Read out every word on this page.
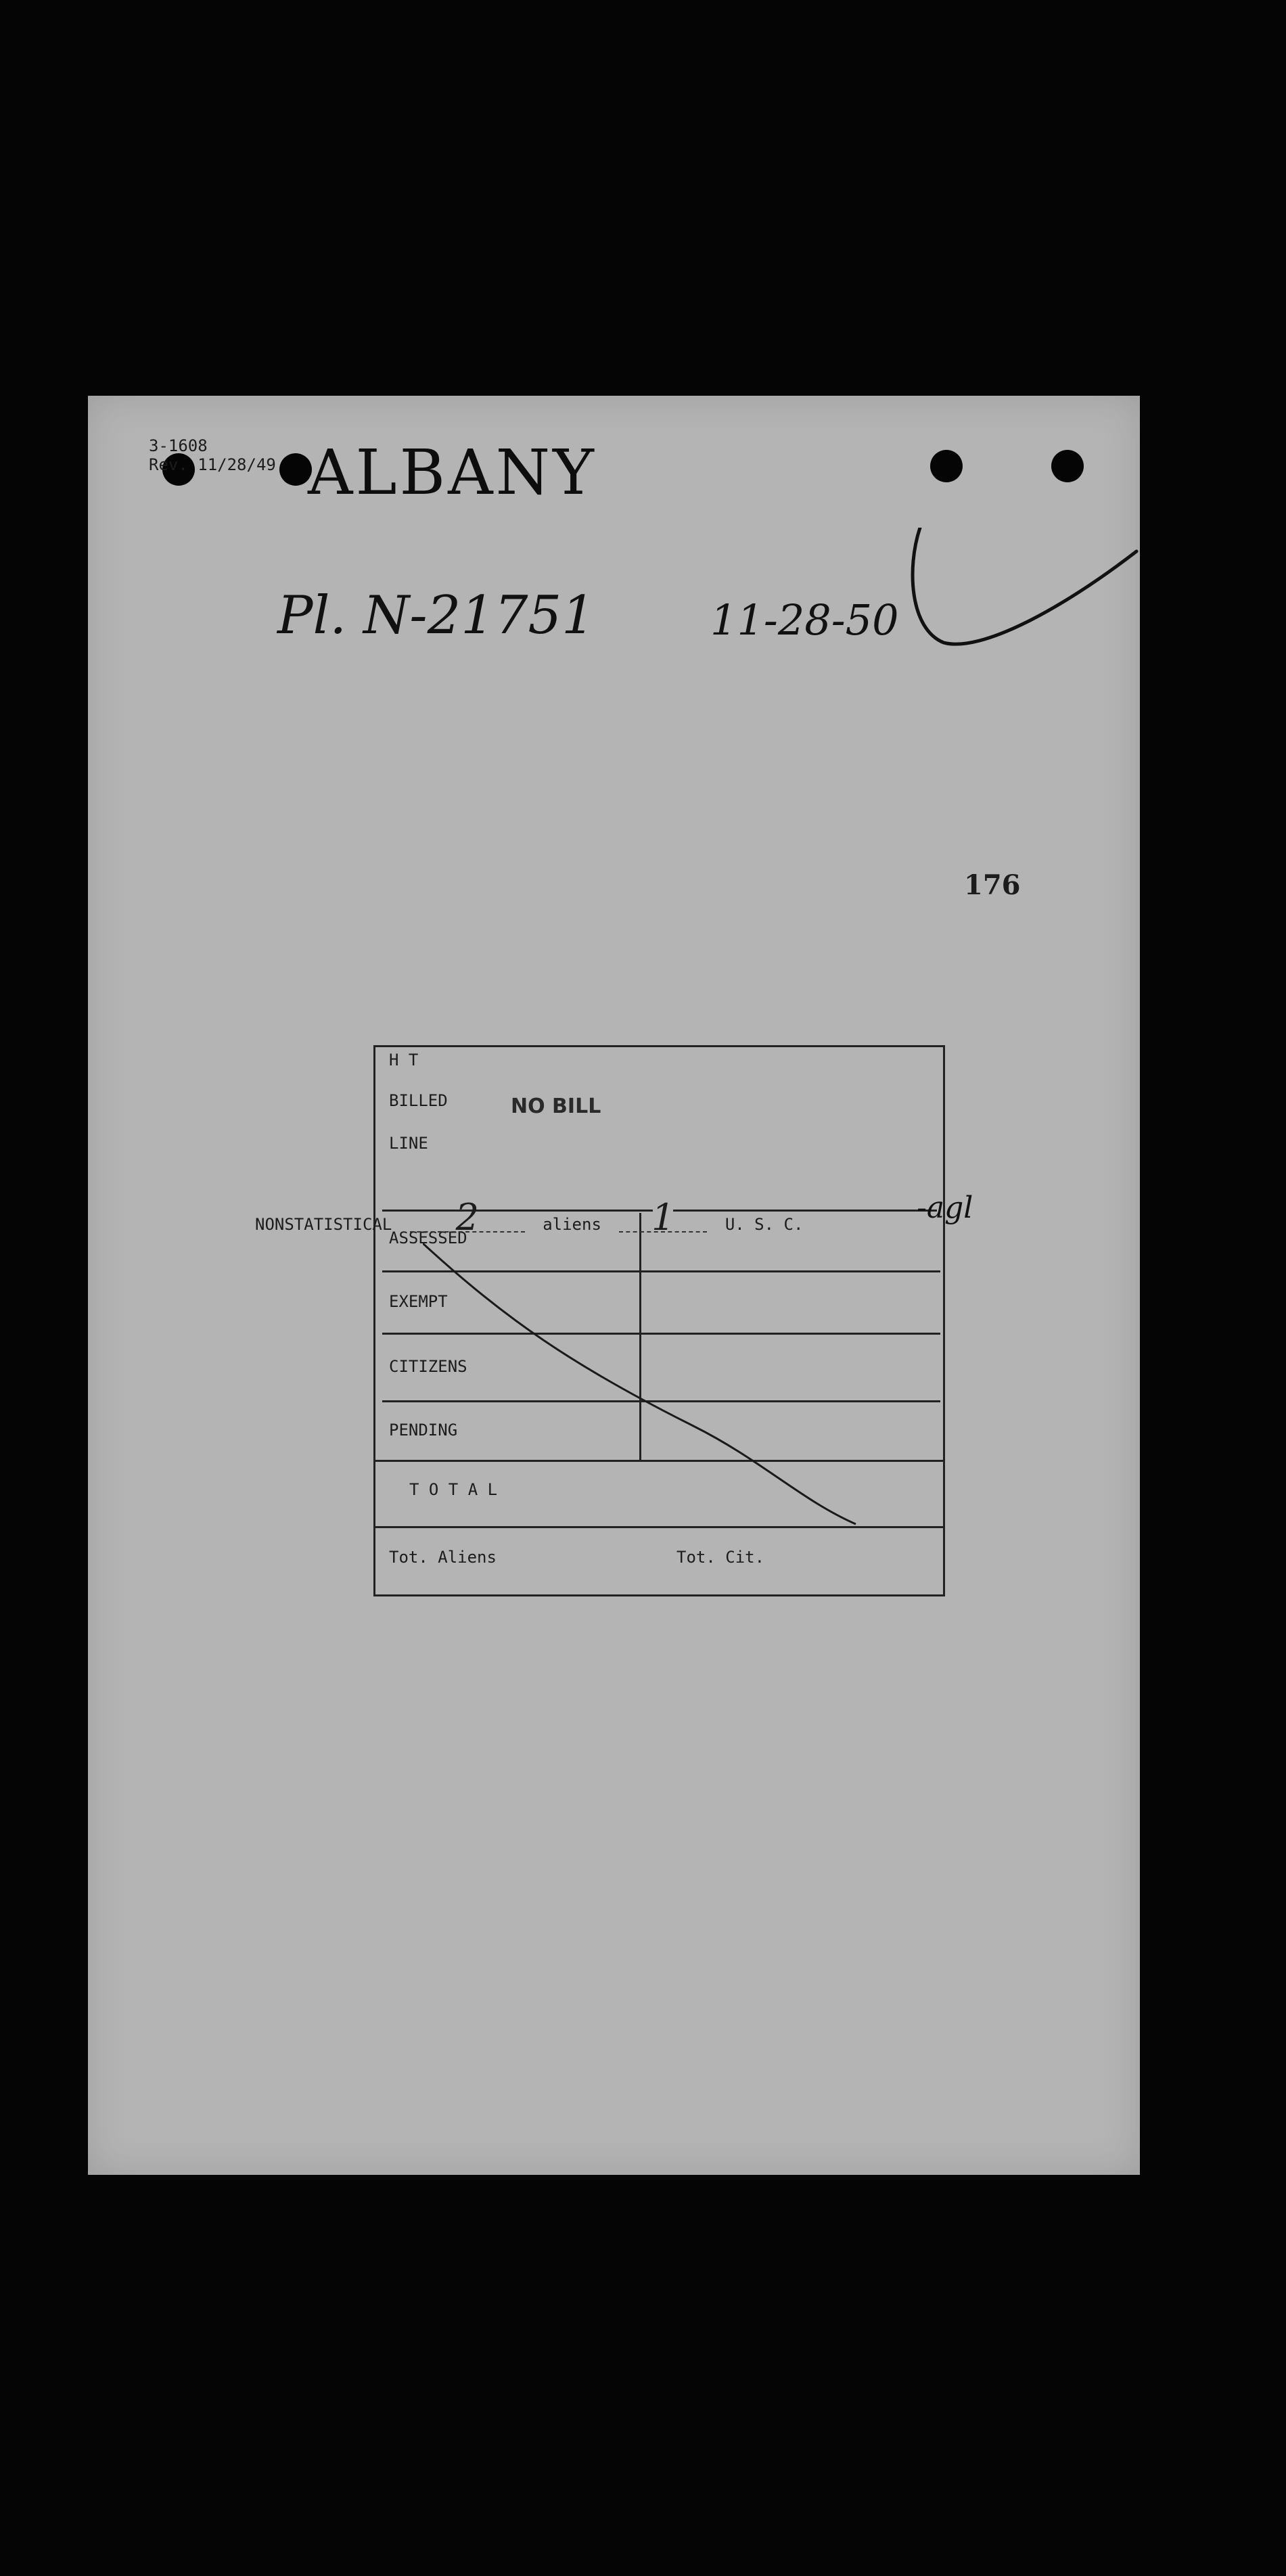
3-1608
Rev. 11/28/49 ALBANY
Pl. N-21751	11-28-50
176
H T
BILLED
LINE
NO BILL
ASSESSED
EXEMPT
CITIZENS
PENDING
T O T A L
Tot. Aliens	Tot. Cit.
NONSTATISTICAL 2	aliens 1	U. S. C.	-agl
